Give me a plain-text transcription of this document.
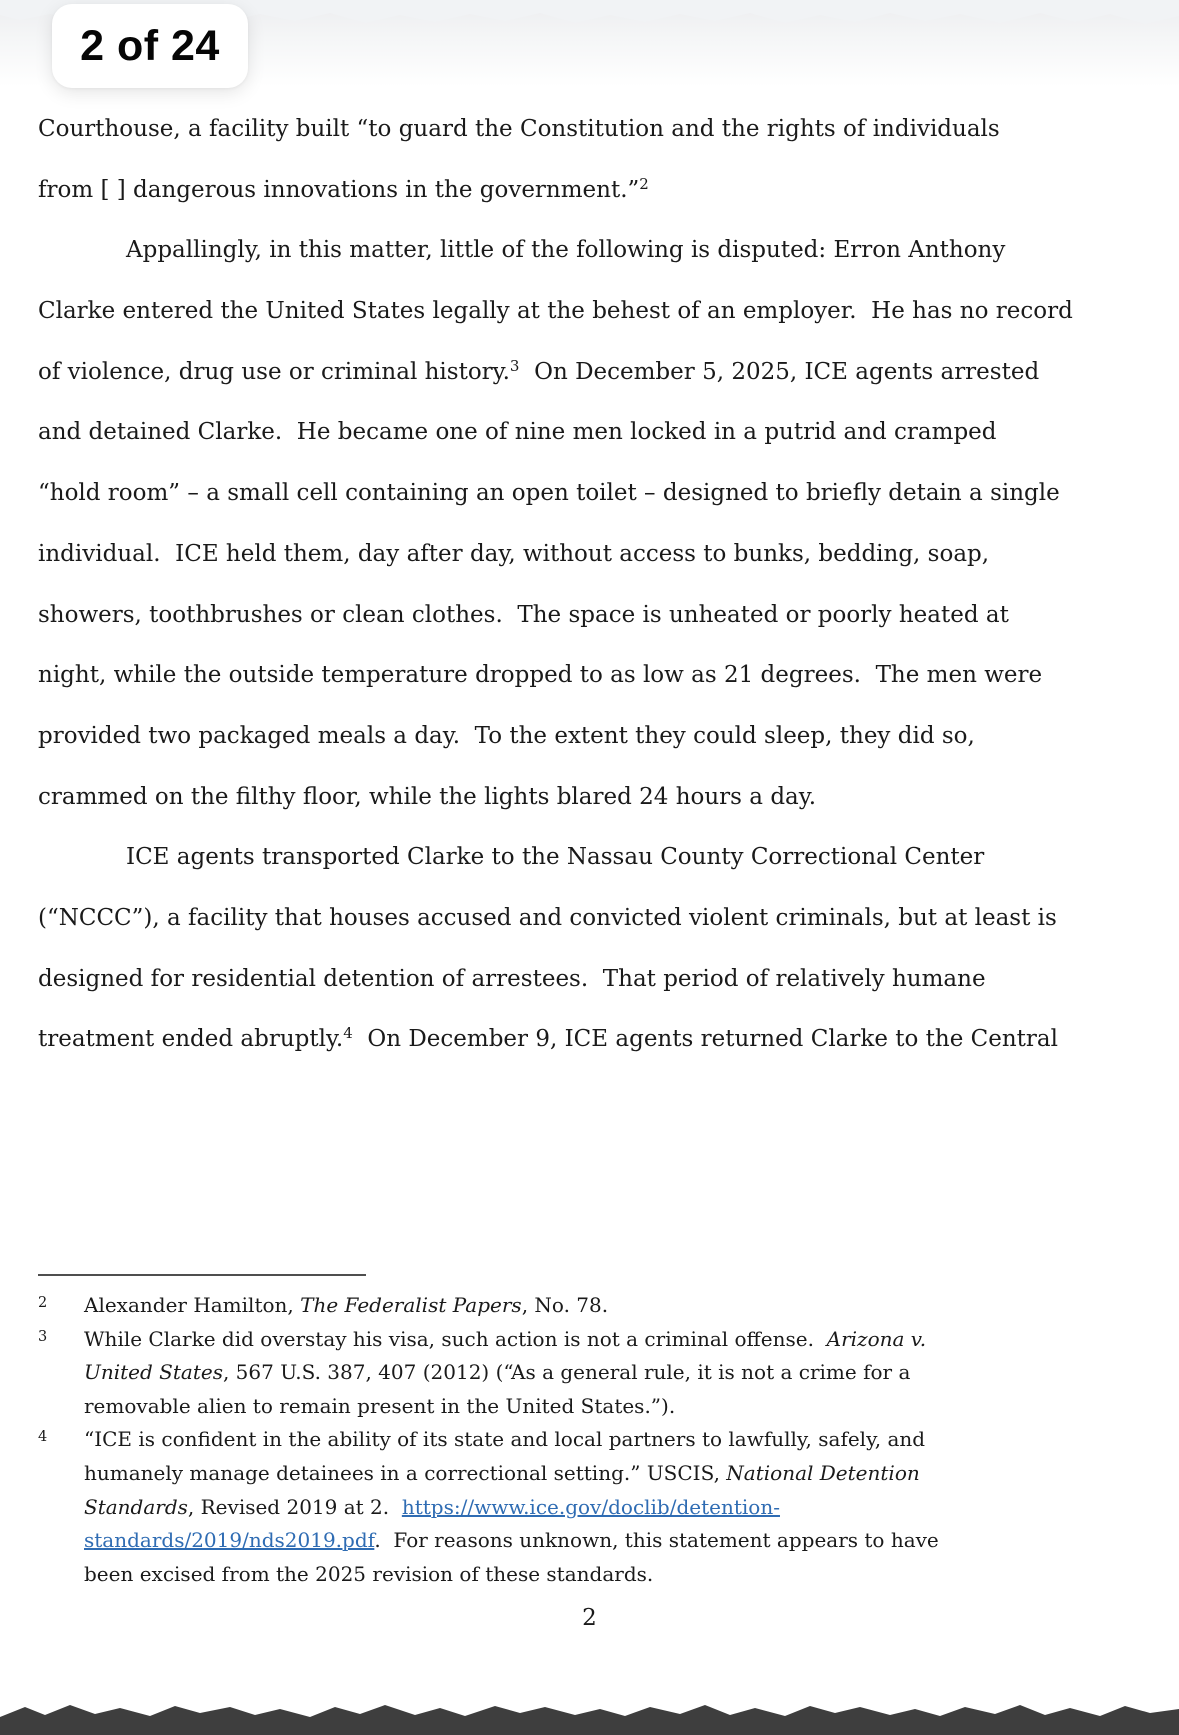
2 of 24
Courthouse, a facility built “to guard the Constitution and the rights of individuals
from [ ] dangerous innovations in the government.”$^2$
Appallingly, in this matter, little of the following is disputed: Erron Anthony
Clarke entered the United States legally at the behest of an employer.  He has no record
of violence, drug use or criminal history.$^3$  On December 5, 2025, ICE agents arrested
and detained Clarke.  He became one of nine men locked in a putrid and cramped
“hold room” – a small cell containing an open toilet – designed to briefly detain a single
individual.  ICE held them, day after day, without access to bunks, bedding, soap,
showers, toothbrushes or clean clothes.  The space is unheated or poorly heated at
night, while the outside temperature dropped to as low as 21 degrees.  The men were
provided two packaged meals a day.  To the extent they could sleep, they did so,
crammed on the filthy floor, while the lights blared 24 hours a day.
ICE agents transported Clarke to the Nassau County Correctional Center
(“NCCC”), a facility that houses accused and convicted violent criminals, but at least is
designed for residential detention of arrestees.  That period of relatively humane
treatment ended abruptly.$^4$  On December 9, ICE agents returned Clarke to the Central
2 Alexander Hamilton, The Federalist Papers, No. 78.
3 While Clarke did overstay his visa, such action is not a criminal offense.  Arizona v.
United States, 567 U.S. 387, 407 (2012) (“As a general rule, it is not a crime for a
removable alien to remain present in the United States.”).
4 “ICE is confident in the ability of its state and local partners to lawfully, safely, and
humanely manage detainees in a correctional setting.” USCIS, National Detention
Standards, Revised 2019 at 2.  https://www.ice.gov/doclib/detention-
standards/2019/nds2019.pdf.  For reasons unknown, this statement appears to have
been excised from the 2025 revision of these standards.
2
